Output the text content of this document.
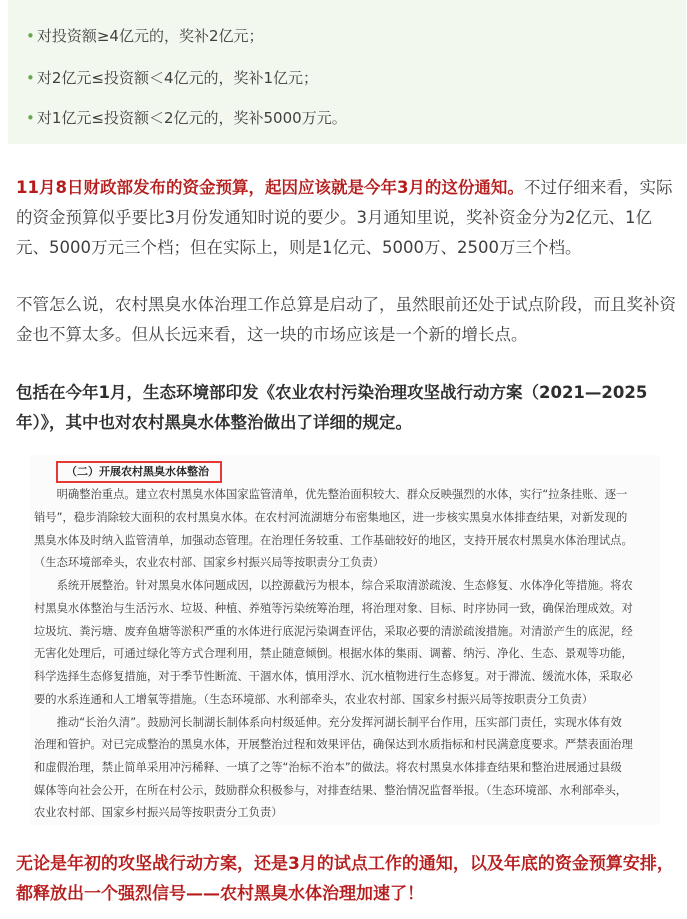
• 对投资额≥4亿元的，奖补2亿元；
• 对2亿元≤投资额＜4亿元的，奖补1亿元；
• 对1亿元≤投资额＜2亿元的，奖补5000万元。
11月8日财政部发布的资金预算，起因应该就是今年3月的这份通知。不过仔细来看，实际的资金预算似乎要比3月份发通知时说的要少。3月通知里说，奖补资金分为2亿元、1亿元、5000万元三个档；但在实际上，则是1亿元、5000万、2500万三个档。
不管怎么说，农村黑臭水体治理工作总算是启动了，虽然眼前还处于试点阶段，而且奖补资金也不算太多。但从长远来看，这一块的市场应该是一个新的增长点。
包括在今年1月，生态环境部印发《农业农村污染治理攻坚战行动方案（2021—2025年）》，其中也对农村黑臭水体整治做出了详细的规定。
（二）开展农村黑臭水体整治
　　明确整治重点。建立农村黑臭水体国家监管清单，优先整治面积较大、群众反映强烈的水体，实行“拉条挂账、逐一
销号”，稳步消除较大面积的农村黑臭水体。在农村河流湖塘分布密集地区，进一步核实黑臭水体排查结果，对新发现的
黑臭水体及时纳入监管清单，加强动态管理。在治理任务较重、工作基础较好的地区，支持开展农村黑臭水体治理试点。
（生态环境部牵头，农业农村部、国家乡村振兴局等按职责分工负责）
　　系统开展整治。针对黑臭水体问题成因，以控源截污为根本，综合采取清淤疏浚、生态修复、水体净化等措施。将农
村黑臭水体整治与生活污水、垃圾、种植、养殖等污染统筹治理，将治理对象、目标、时序协同一致，确保治理成效。对
垃圾坑、粪污塘、废弃鱼塘等淤积严重的水体进行底泥污染调查评估，采取必要的清淤疏浚措施。对清淤产生的底泥，经
无害化处理后，可通过绿化等方式合理利用，禁止随意倾倒。根据水体的集雨、调蓄、纳污、净化、生态、景观等功能，
科学选择生态修复措施，对于季节性断流、干涸水体，慎用浮水、沉水植物进行生态修复。对于滞流、缓流水体，采取必
要的水系连通和人工增氧等措施。（生态环境部、水利部牵头，农业农村部、国家乡村振兴局等按职责分工负责）
　　推动“长治久清”。鼓励河长制湖长制体系向村级延伸。充分发挥河湖长制平台作用，压实部门责任，实现水体有效
治理和管护。对已完成整治的黑臭水体，开展整治过程和效果评估，确保达到水质指标和村民满意度要求。严禁表面治理
和虚假治理，禁止简单采用冲污稀释、一填了之等“治标不治本”的做法。将农村黑臭水体排查结果和整治进展通过县级
媒体等向社会公开，在所在村公示，鼓励群众积极参与，对排查结果、整治情况监督举报。（生态环境部、水利部牵头，
农业农村部、国家乡村振兴局等按职责分工负责）
无论是年初的攻坚战行动方案，还是3月的试点工作的通知，以及年底的资金预算安排，都释放出一个强烈信号——农村黑臭水体治理加速了！
